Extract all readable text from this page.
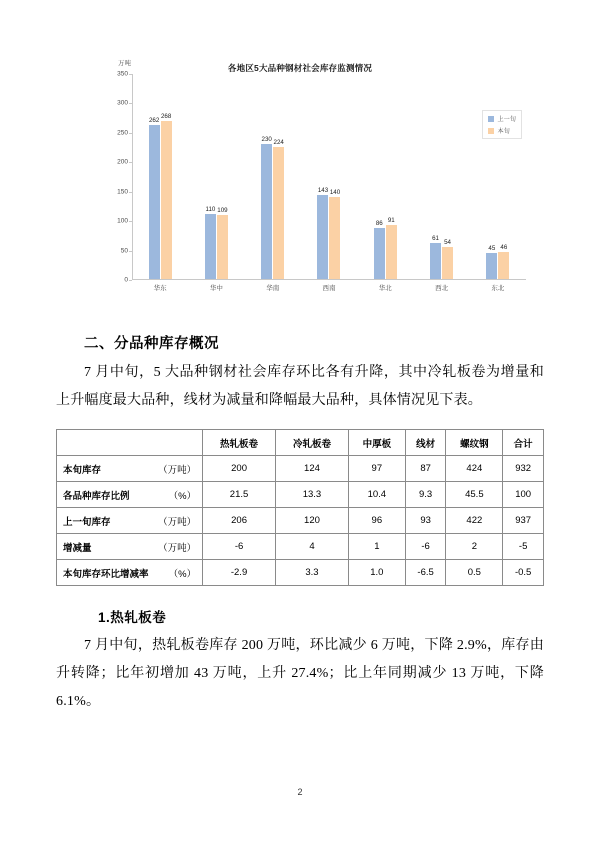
万吨	各地区5大品种钢材社会库存监测情况
0
50
100
150
200
250
300
350
262
268
华东
110 109
华中
230
224
华南
143 140
西南
86 91
华北
61
54
西北
45 46
东北
上一旬
本旬
二、分品种库存概况

7 月中旬，5 大品种钢材社会库存环比各有升降，其中冷轧板卷为增量和上升幅度最大品种，线材为减量和降幅最大品种，具体情况见下表。

	热轧板卷	冷轧板卷	中厚板	线材	螺纹钢	合计
本旬库存 （万吨）	200	124	97	87	424	932
各品种库存比例 （%）	21.5	13.3	10.4	9.3	45.5	100
上一旬库存 （万吨）	206	120	96	93	422	937
增减量 （万吨）	-6	4	1	-6	2	-5
本旬库存环比增减率 （%）	-2.9	3.3	1.0	-6.5	0.5	-0.5
1.热轧板卷

7 月中旬，热轧板卷库存 200 万吨，环比减少 6 万吨，下降 2.9%，库存由升转降；比年初增加 43 万吨，上升 27.4%；比上年同期减少 13 万吨，下降 6.1%。

2
